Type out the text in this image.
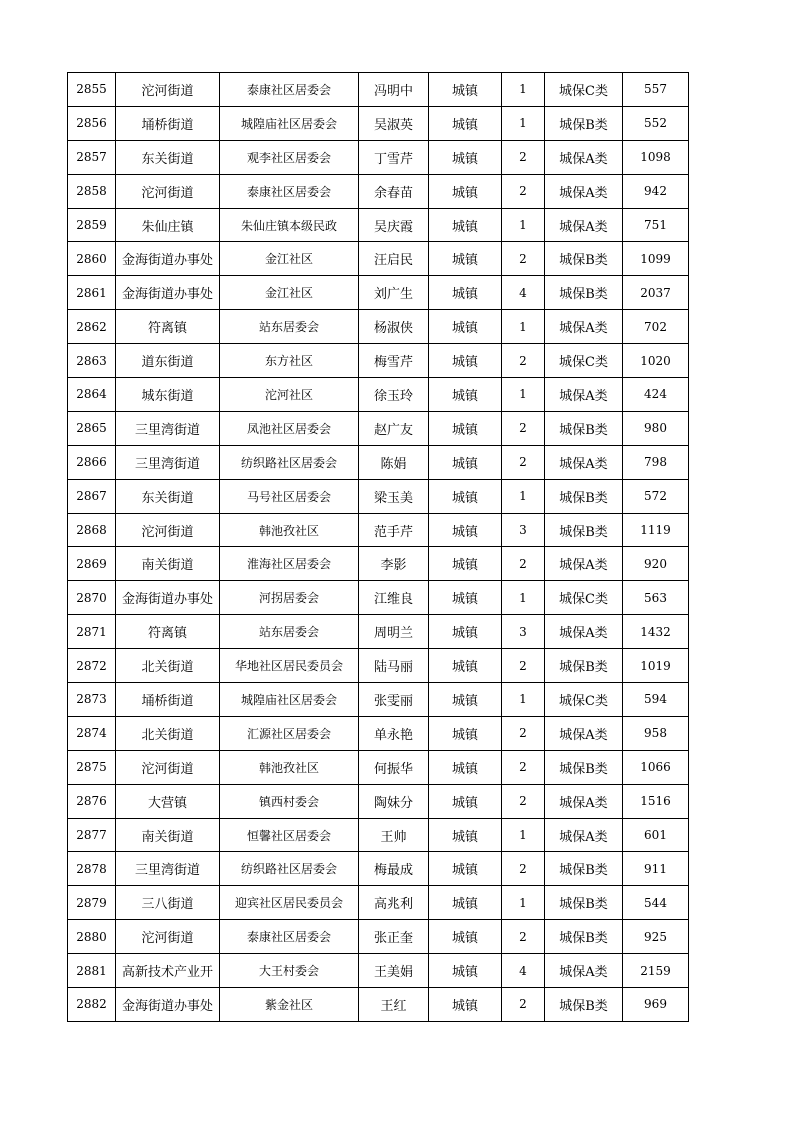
2855	沱河街道	泰康社区居委会	冯明中	城镇	1	城保C类	557
2856	埇桥街道	城隍庙社区居委会	吴淑英	城镇	1	城保B类	552
2857	东关街道	观李社区居委会	丁雪芹	城镇	2	城保A类	1098
2858	沱河街道	泰康社区居委会	余春苗	城镇	2	城保A类	942
2859	朱仙庄镇	朱仙庄镇本级民政	吴庆霞	城镇	1	城保A类	751
2860	金海街道办事处	金江社区	汪启民	城镇	2	城保B类	1099
2861	金海街道办事处	金江社区	刘广生	城镇	4	城保B类	2037
2862	符离镇	站东居委会	杨淑侠	城镇	1	城保A类	702
2863	道东街道	东方社区	梅雪芹	城镇	2	城保C类	1020
2864	城东街道	沱河社区	徐玉玲	城镇	1	城保A类	424
2865	三里湾街道	凤池社区居委会	赵广友	城镇	2	城保B类	980
2866	三里湾街道	纺织路社区居委会	陈娟	城镇	2	城保A类	798
2867	东关街道	马号社区居委会	梁玉美	城镇	1	城保B类	572
2868	沱河街道	韩池孜社区	范手芹	城镇	3	城保B类	1119
2869	南关街道	淮海社区居委会	李影	城镇	2	城保A类	920
2870	金海街道办事处	河拐居委会	江维良	城镇	1	城保C类	563
2871	符离镇	站东居委会	周明兰	城镇	3	城保A类	1432
2872	北关街道	华地社区居民委员会	陆马丽	城镇	2	城保B类	1019
2873	埇桥街道	城隍庙社区居委会	张雯丽	城镇	1	城保C类	594
2874	北关街道	汇源社区居委会	单永艳	城镇	2	城保A类	958
2875	沱河街道	韩池孜社区	何振华	城镇	2	城保B类	1066
2876	大营镇	镇西村委会	陶妹分	城镇	2	城保A类	1516
2877	南关街道	恒馨社区居委会	王帅	城镇	1	城保A类	601
2878	三里湾街道	纺织路社区居委会	梅最成	城镇	2	城保B类	911
2879	三八街道	迎宾社区居民委员会	高兆利	城镇	1	城保B类	544
2880	沱河街道	泰康社区居委会	张正奎	城镇	2	城保B类	925
2881	高新技术产业开	大王村委会	王美娟	城镇	4	城保A类	2159
2882	金海街道办事处	紫金社区	王红	城镇	2	城保B类	969
